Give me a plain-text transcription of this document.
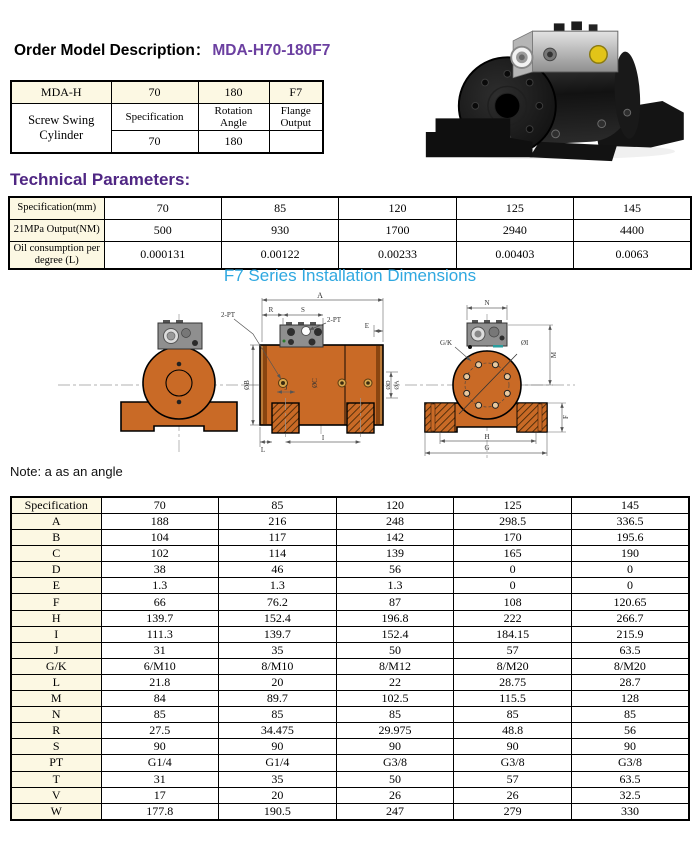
Order Model Description： MDA-H70-180F7
MDA-H	70	180	F7
Screw Swing Cylinder	Specification	Rotation Angle	Flange Output
	70	180	
Technical Parameters:
Specification(mm)	70	85	120	125	145
21MPa Output(NM)	500	930	1700	2940	4400
Oil consumption per degree (L)	0.000131	0.00122	0.00233	0.00403	0.0063
F7 Series Installation Dimensions
A
R	S
E
2-PT
2-PT
ØB	ØC	ØD ØA
J
I
L
ØI
G/K
N
M
H
G
F
Note: a as an angle
Specification	70	85	120	125	145
A	188	216	248	298.5	336.5
B	104	117	142	170	195.6
C	102	114	139	165	190
D	38	46	56	0	0
E	1.3	1.3	1.3	0	0
F	66	76.2	87	108	120.65
H	139.7	152.4	196.8	222	266.7
I	111.3	139.7	152.4	184.15	215.9
J	31	35	50	57	63.5
G/K	6/M10	8/M10	8/M12	8/M20	8/M20
L	21.8	20	22	28.75	28.7
M	84	89.7	102.5	115.5	128
N	85	85	85	85	85
R	27.5	34.475	29.975	48.8	56
S	90	90	90	90	90
PT	G1/4	G1/4	G3/8	G3/8	G3/8
T	31	35	50	57	63.5
V	17	20	26	26	32.5
W	177.8	190.5	247	279	330
